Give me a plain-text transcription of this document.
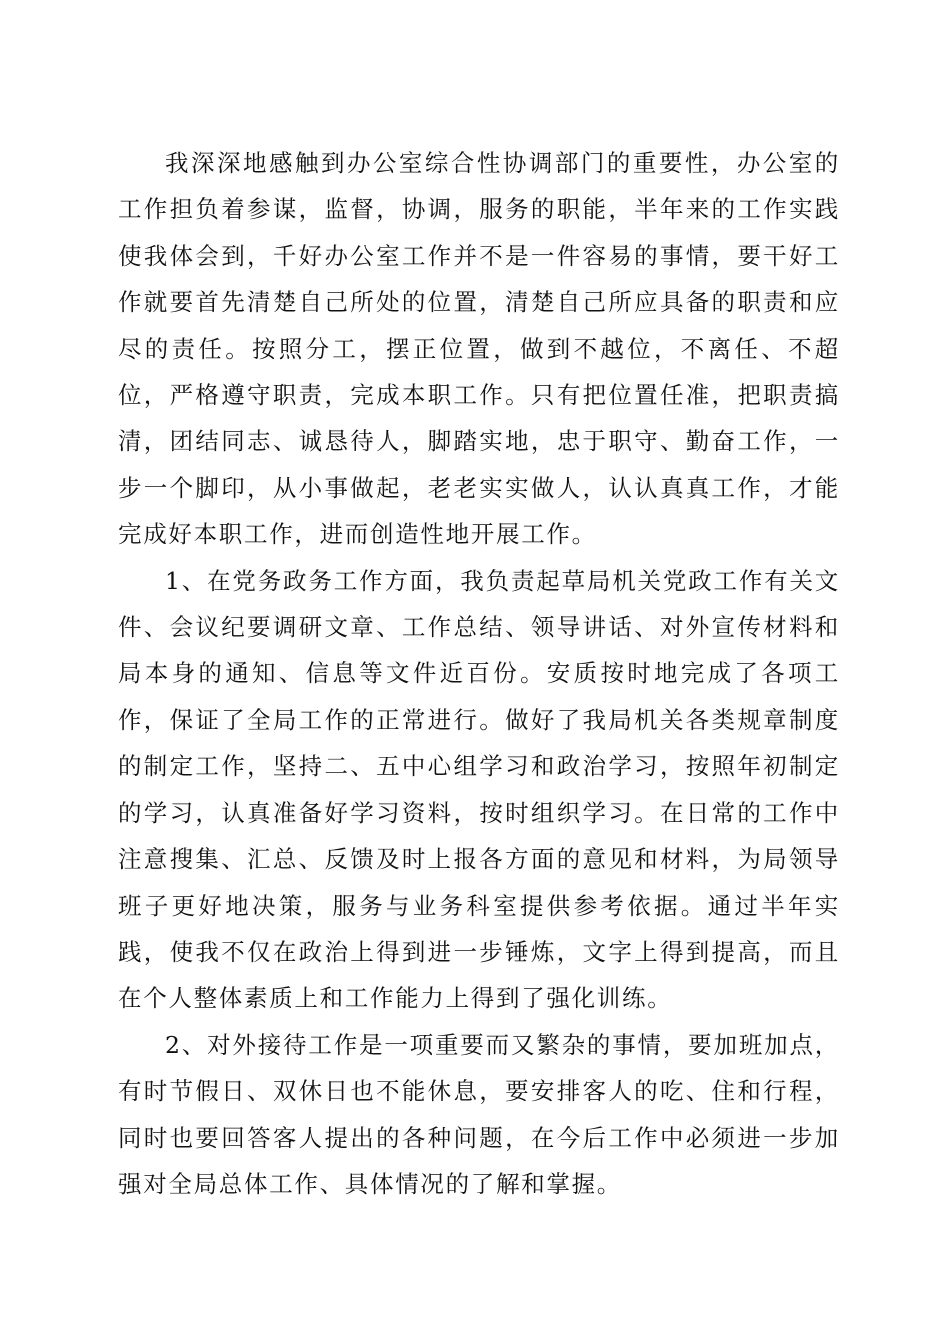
我深深地感触到办公室综合性协调部门的重要性，办公室的工作担负着参谋，监督，协调，服务的职能，半年来的工作实践使我体会到，千好办公室工作并不是一件容易的事情，要干好工作就要首先清楚自己所处的位置，清楚自己所应具备的职责和应尽的责任。按照分工，摆正位置，做到不越位，不离任、不超位，严格遵守职责，完成本职工作。只有把位置任准，把职责搞清，团结同志、诚恳待人，脚踏实地，忠于职守、勤奋工作，一步一个脚印，从小事做起，老老实实做人，认认真真工作，才能完成好本职工作，进而创造性地开展工作。

1、在党务政务工作方面，我负责起草局机关党政工作有关文件、会议纪要调研文章、工作总结、领导讲话、对外宣传材料和局本身的通知、信息等文件近百份。安质按时地完成了各项工作，保证了全局工作的正常进行。做好了我局机关各类规章制度的制定工作，坚持二、五中心组学习和政治学习，按照年初制定的学习，认真准备好学习资料，按时组织学习。在日常的工作中注意搜集、汇总、反馈及时上报各方面的意见和材料，为局领导班子更好地决策，服务与业务科室提供参考依据。通过半年实践，使我不仅在政治上得到进一步锤炼，文字上得到提高，而且在个人整体素质上和工作能力上得到了强化训练。

2、对外接待工作是一项重要而又繁杂的事情，要加班加点，有时节假日、双休日也不能休息，要安排客人的吃、住和行程，同时也要回答客人提出的各种问题，在今后工作中必须进一步加强对全局总体工作、具体情况的了解和掌握。
